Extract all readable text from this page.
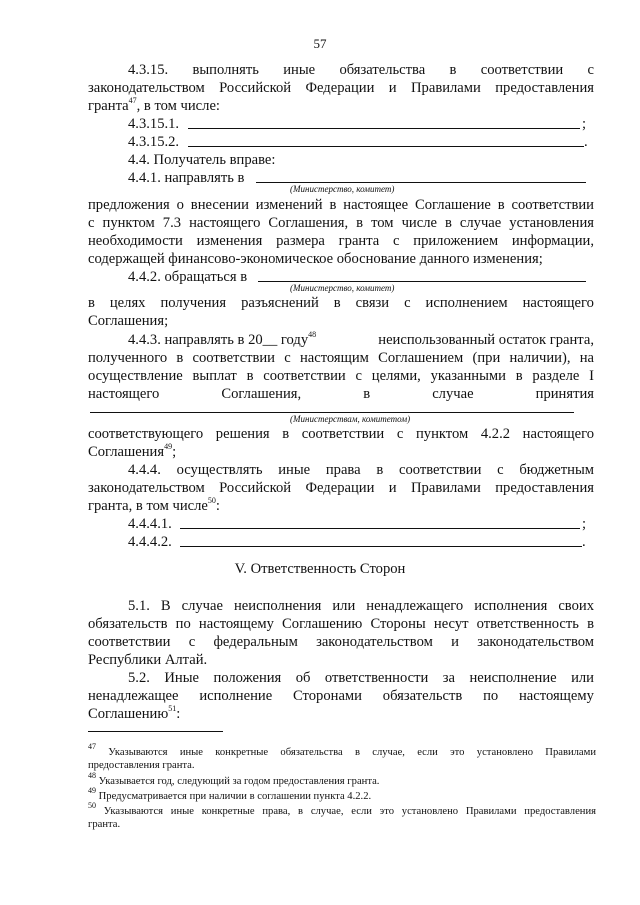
57
4.3.15. выполнять иные обязательства в соответствии с
законодательством Российской Федерации и Правилами предоставления
гранта$^{47}$, в том числе:
4.3.15.1.	;
4.3.15.2.	.
4.4. Получатель вправе:
4.4.1. направлять в
(Министерство, комитет)
предложения о внесении изменений в настоящее Соглашение в соответствии
с пунктом 7.3 настоящего Соглашения, в том числе в случае установления
необходимости изменения размера гранта с приложением информации,
содержащей финансово-экономическое обоснование данного изменения;
4.4.2. обращаться в
(Министерство, комитет)
в целях получения разъяснений в связи с исполнением настоящего
Соглашения;
4.4.3. направлять в 20__ году$^{48}$	неиспользованный остаток гранта,
полученного в соответствии с настоящим Соглашением (при наличии), на
осуществление выплат в соответствии с целями, указанными в разделе I
настоящего	Соглашения,	в	случае	принятия
(Министерствам, комитетом)
соответствующего решения в соответствии с пунктом 4.2.2 настоящего
Соглашения$^{49}$;
4.4.4. осуществлять иные права в соответствии с бюджетным
законодательством Российской Федерации и Правилами предоставления
гранта, в том числе$^{50}$:
4.4.4.1.	;
4.4.4.2.	.
V. Ответственность Сторон
5.1. В случае неисполнения или ненадлежащего исполнения своих
обязательств по настоящему Соглашению Стороны несут ответственность в
соответствии с федеральным законодательством и законодательством
Республики Алтай.
5.2. Иные положения об ответственности за неисполнение или
ненадлежащее исполнение Сторонами обязательств по настоящему
Соглашению$^{51}$:
$^{47}$ Указываются иные конкретные обязательства в случае, если это установлено Правилами
предоставления гранта.
$^{48}$ Указывается год, следующий за годом предоставления гранта.
$^{49}$ Предусматривается при наличии в соглашении пункта 4.2.2.
$^{50}$ Указываются иные конкретные права, в случае, если это установлено Правилами предоставления
гранта.
